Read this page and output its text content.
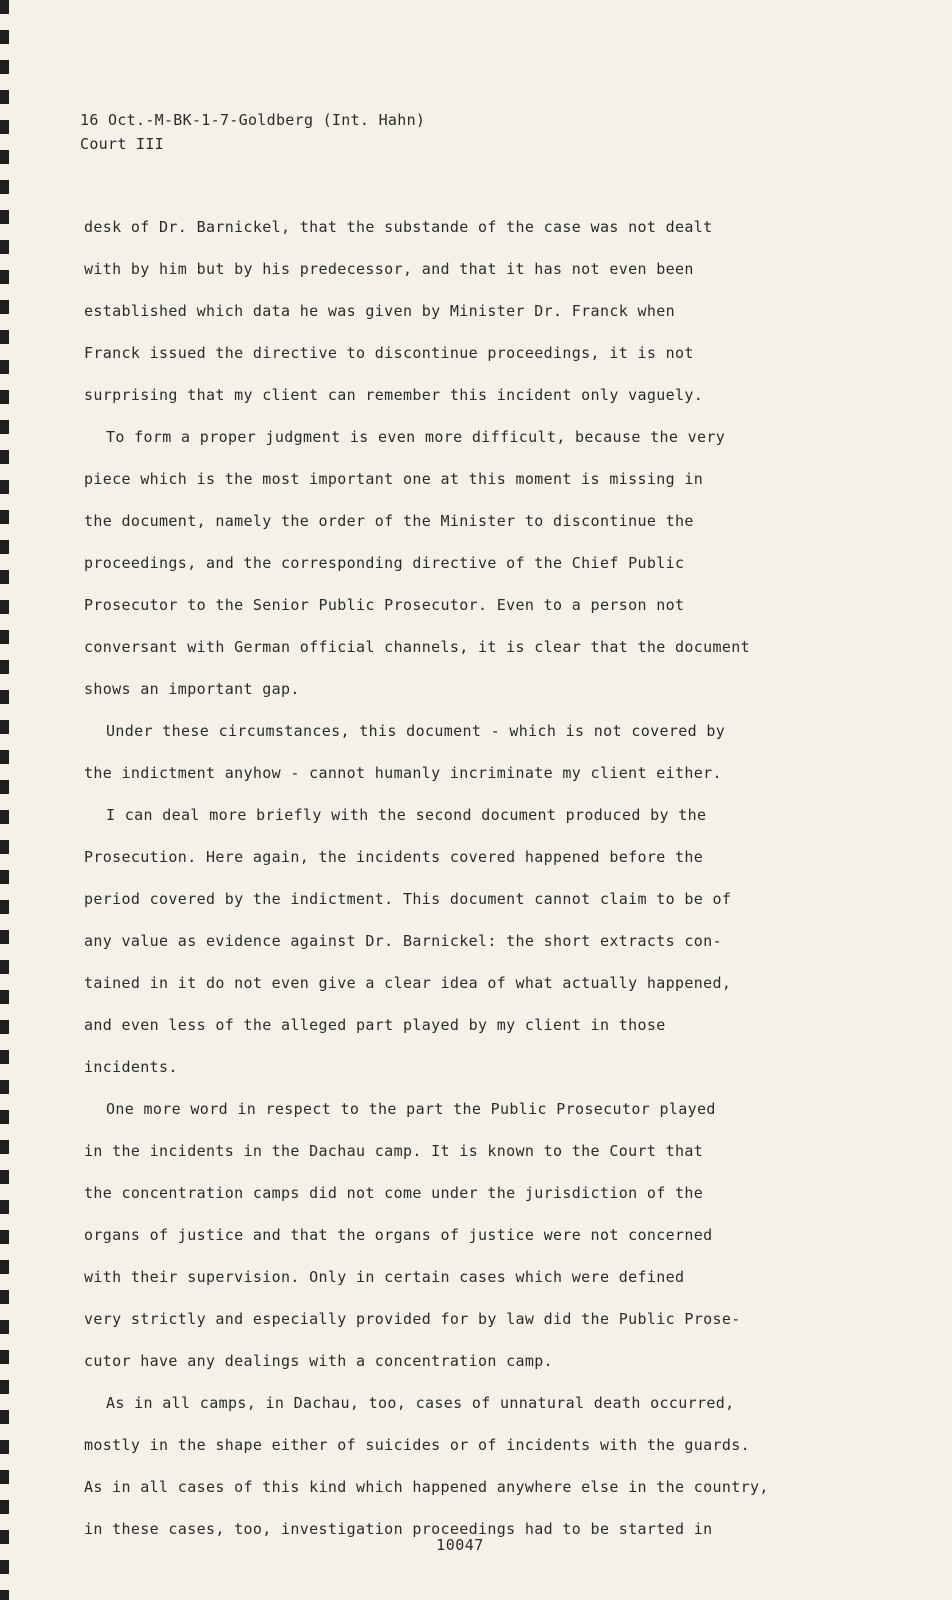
16 Oct.-M-BK-1-7-Goldberg (Int. Hahn)
Court III
desk of Dr. Barnickel, that the substande of the case was not dealt
with by him but by his predecessor, and that it has not even been
established which data he was given by Minister Dr. Franck when
Franck issued the directive to discontinue proceedings, it is not
surprising that my client can remember this incident only vaguely.
To form a proper judgment is even more difficult, because the very
piece which is the most important one at this moment is missing in
the document, namely the order of the Minister to discontinue the
proceedings, and the corresponding directive of the Chief Public
Prosecutor to the Senior Public Prosecutor. Even to a person not
conversant with German official channels, it is clear that the document
shows an important gap.
Under these circumstances, this document - which is not covered by
the indictment anyhow - cannot humanly incriminate my client either.
I can deal more briefly with the second document produced by the
Prosecution. Here again, the incidents covered happened before the
period covered by the indictment. This document cannot claim to be of
any value as evidence against Dr. Barnickel: the short extracts con-
tained in it do not even give a clear idea of what actually happened,
and even less of the alleged part played by my client in those
incidents.
One more word in respect to the part the Public Prosecutor played
in the incidents in the Dachau camp. It is known to the Court that
the concentration camps did not come under the jurisdiction of the
organs of justice and that the organs of justice were not concerned
with their supervision. Only in certain cases which were defined
very strictly and especially provided for by law did the Public Prose-
cutor have any dealings with a concentration camp.
As in all camps, in Dachau, too, cases of unnatural death occurred,
mostly in the shape either of suicides or of incidents with the guards.
As in all cases of this kind which happened anywhere else in the country,
in these cases, too, investigation proceedings had to be started in
10047
